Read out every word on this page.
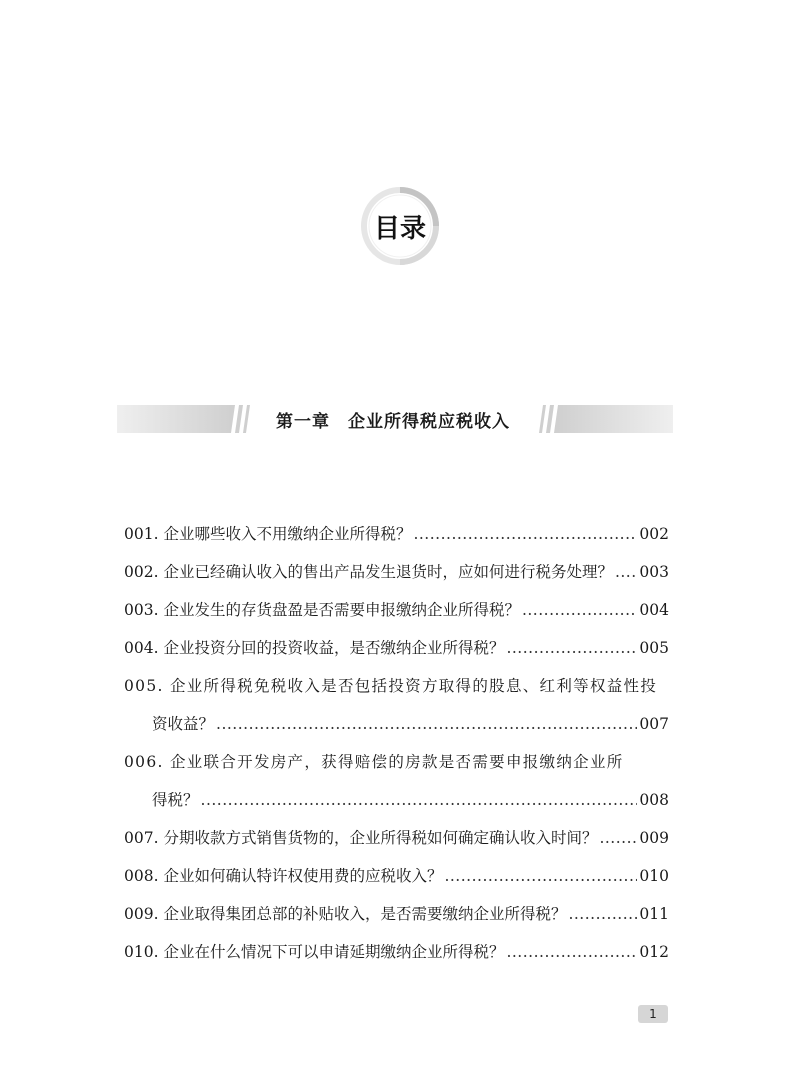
目录
第一章 企业所得税应税收入
001. 企业哪些收入不用缴纳企业所得税？ .....	002
002. 企业已经确认收入的售出产品发生退货时，应如何进行税务处理？ ..... 003
003. 企业发生的存货盘盈是否需要申报缴纳企业所得税？ .....	004
004. 企业投资分回的投资收益，是否缴纳企业所得税？ .....	005
005. 企业所得税免税收入是否包括投资方取得的股息、红利等权益性投
资收益？ .....	007
006. 企业联合开发房产，获得赔偿的房款是否需要申报缴纳企业所
得税？ .....	008
007. 分期收款方式销售货物的，企业所得税如何确定确认收入时间？ .....	009
008. 企业如何确认特许权使用费的应税收入？ .....	010
009. 企业取得集团总部的补贴收入，是否需要缴纳企业所得税？ .....	011
010. 企业在什么情况下可以申请延期缴纳企业所得税？ .....	012
1
